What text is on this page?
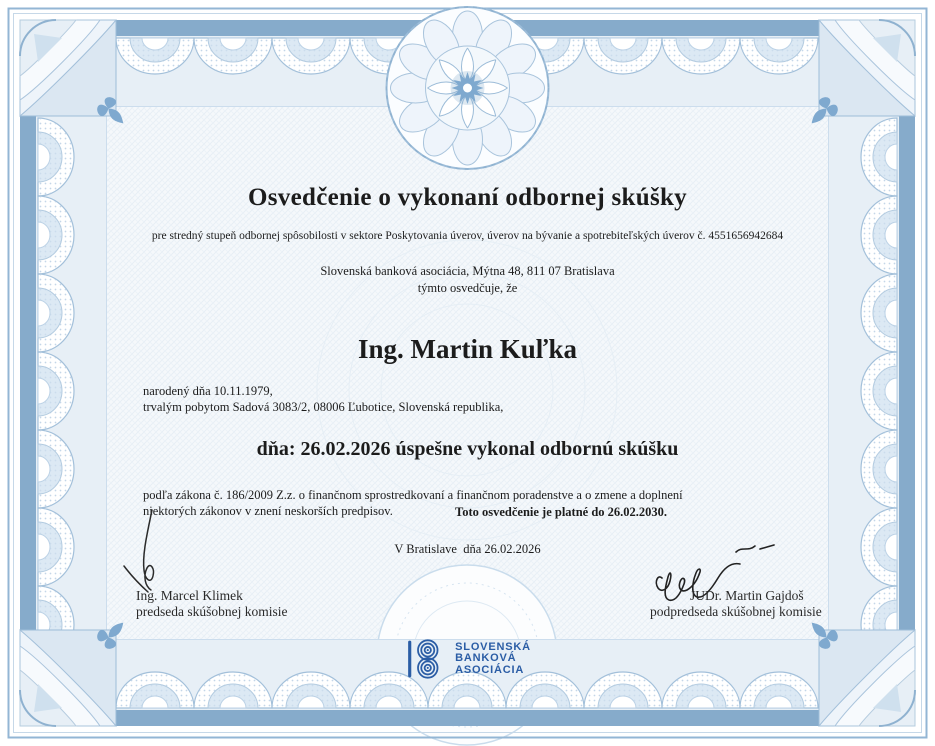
Osvedčenie o vykonaní odbornej skúšky
pre stredný stupeň odbornej spôsobilosti v sektore Poskytovania úverov, úverov na bývanie a spotrebiteľských úverov č. 4551656942684
Slovenská banková asociácia, Mýtna 48, 811 07 Bratislava
týmto osvedčuje, že
Ing. Martin Kuľka
narodený dňa 10.11.1979,
trvalým pobytom Sadová 3083/2, 08006 Ľubotice, Slovenská republika,
dňa: 26.02.2026 úspešne vykonal odbornú skúšku
podľa zákona č. 186/2009 Z.z. o finančnom sprostredkovaní a finančnom poradenstve a o zmene a doplnení
niektorých zákonov v znení neskorších predpisov.	Toto osvedčenie je platné do 26.02.2030.
V Bratislave  dňa 26.02.2026
Ing. Marcel Klimek
predseda skúšobnej komisie
JUDr. Martin Gajdoš
podpredseda skúšobnej komisie
SLOVENSKÁ
BANKOVÁ
ASOCIÁCIA
